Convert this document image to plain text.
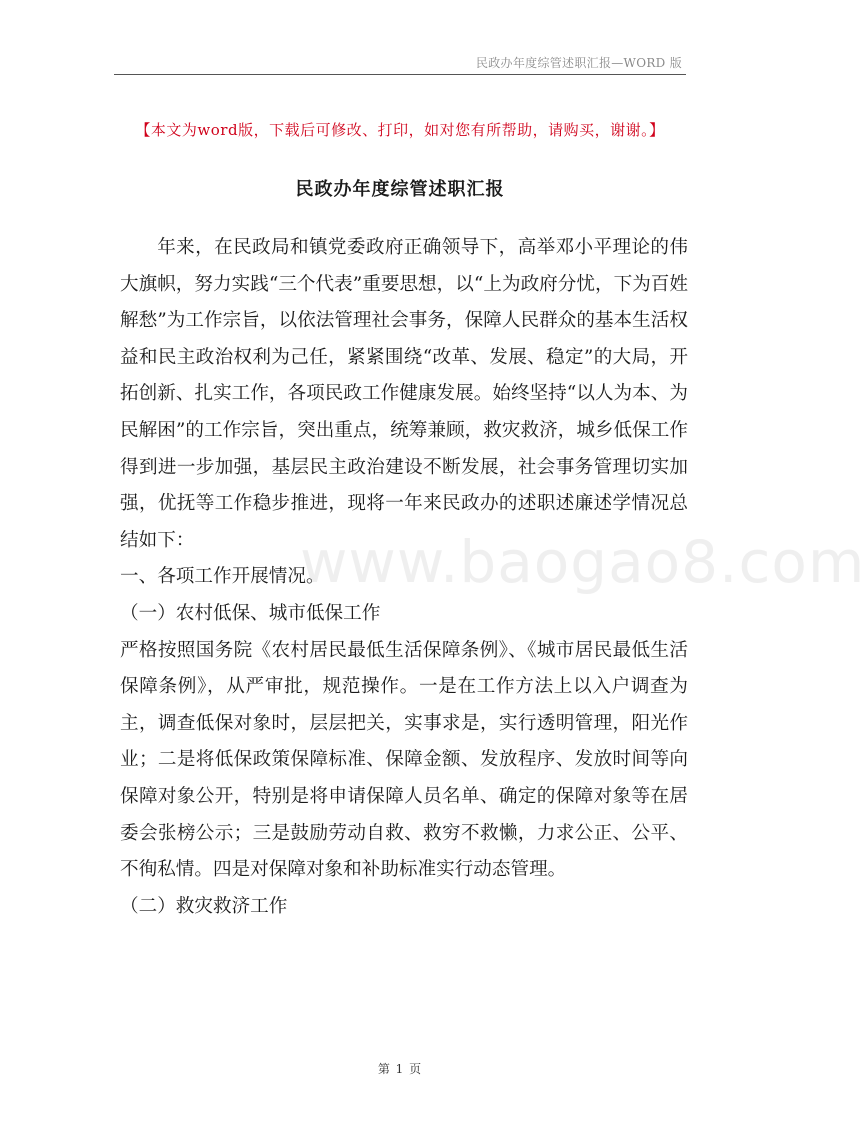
民政办年度综管述职汇报—WORD 版
【本文为word版，下载后可修改、打印，如对您有所帮助，请购买，谢谢。】
民政办年度综管述职汇报
www.baogao8.com

年来，在民政局和镇党委政府正确领导下，高举邓小平理论的伟大旗帜，努力实践“三个代表”重要思想，以“上为政府分忧，下为百姓解愁”为工作宗旨，以依法管理社会事务，保障人民群众的基本生活权益和民主政治权利为己任，紧紧围绕“改革、发展、稳定”的大局，开拓创新、扎实工作，各项民政工作健康发展。始终坚持“以人为本、为民解困”的工作宗旨，突出重点，统筹兼顾，救灾救济，城乡低保工作得到进一步加强，基层民主政治建设不断发展，社会事务管理切实加强，优抚等工作稳步推进，现将一年来民政办的述职述廉述学情况总结如下：

一、各项工作开展情况。

（一）农村低保、城市低保工作

严格按照国务院《农村居民最低生活保障条例》、《城市居民最低生活保障条例》，从严审批，规范操作。一是在工作方法上以入户调查为主，调查低保对象时，层层把关，实事求是，实行透明管理，阳光作业；二是将低保政策保障标准、保障金额、发放程序、发放时间等向保障对象公开，特别是将申请保障人员名单、确定的保障对象等在居委会张榜公示；三是鼓励劳动自救、救穷不救懒，力求公正、公平、不徇私情。四是对保障对象和补助标准实行动态管理。

（二）救灾救济工作

第 1 页
